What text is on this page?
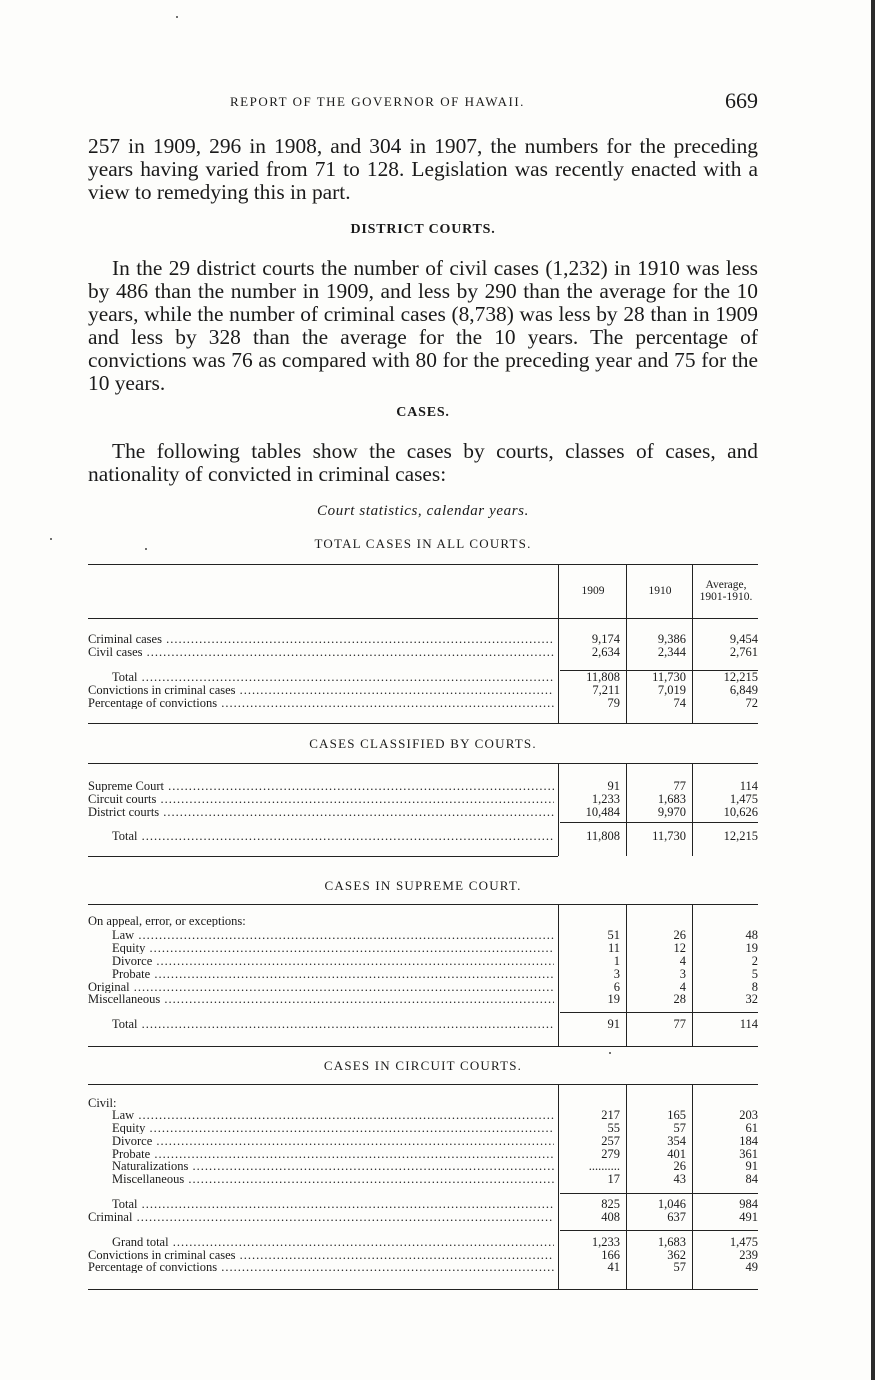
REPORT OF THE GOVERNOR OF HAWAII.	669

257 in 1909, 296 in 1908, and 304 in 1907, the numbers for the preceding years having varied from 71 to 128. Legislation was recently enacted with a view to remedying this in part.

DISTRICT COURTS.

In the 29 district courts the number of civil cases (1,232) in 1910 was less by 486 than the number in 1909, and less by 290 than the average for the 10 years, while the number of criminal cases (8,738) was less by 28 than in 1909 and less by 328 than the average for the 10 years. The percentage of convictions was 76 as compared with 80 for the preceding year and 75 for the 10 years.

CASES.

The following tables show the cases by courts, classes of cases, and nationality of convicted in criminal cases:

Court statistics, calendar years.
TOTAL CASES IN ALL COURTS.
1909	1910	Average, 1901-1910.
Criminal cases .....	9,174	9,386	9,454
Civil cases .....	2,634	2,344	2,761
Total .....	11,808	11,730	12,215
Convictions in criminal cases .....	7,211	7,019	6,849
Percentage of convictions .....	79	74	72
CASES CLASSIFIED BY COURTS.
Supreme Court .....	91	77	114
Circuit courts .....	1,233	1,683	1,475
District courts .....	10,484	9,970	10,626
Total .....	11,808	11,730	12,215
CASES IN SUPREME COURT.
On appeal, error, or exceptions:
Law .....	51	26	48
Equity .....	11	12	19
Divorce .....	1	4	2
Probate .....	3	3	5
Original .....	6	4	8
Miscellaneous .....	19	28	32
Total .....	91	77	114
CASES IN CIRCUIT COURTS.
Civil:
Law .....	217	165	203
Equity .....	55	57	61
Divorce .....	257	354	184
Probate .....	279	401	361
Naturalizations .....	..........	26	91
Miscellaneous .....	17	43	84
Total .....	825	1,046	984
Criminal .....	408	637	491
Grand total .....	1,233	1,683	1,475
Convictions in criminal cases .....	166	362	239
Percentage of convictions .....	41	57	49
